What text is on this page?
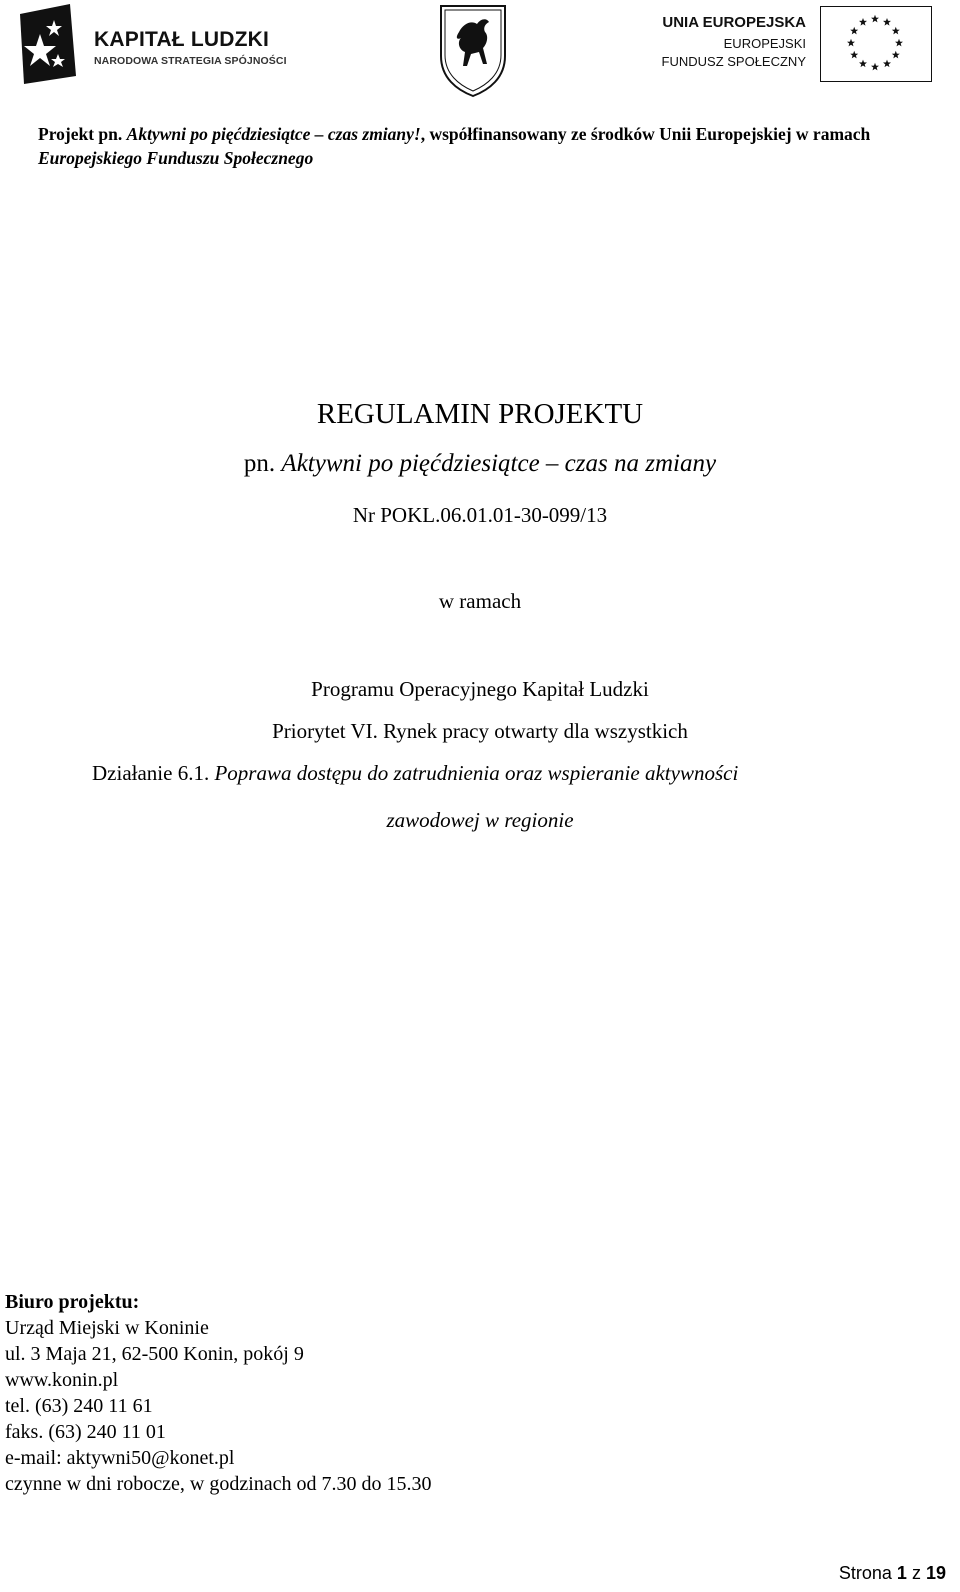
KAPITAŁ LUDZKI
NARODOWA STRATEGIA SPÓJNOŚCI
UNIA EUROPEJSKA
EUROPEJSKI
FUNDUSZ SPOŁECZNY
Projekt pn. Aktywni po pięćdziesiątce – czas zmiany!, współfinansowany ze środków Unii Europejskiej w ramach
Europejskiego Funduszu Społecznego
REGULAMIN PROJEKTU
pn. Aktywni po pięćdziesiątce – czas na zmiany
Nr POKL.06.01.01-30-099/13
w ramach
Programu Operacyjnego Kapitał Ludzki
Priorytet VI. Rynek pracy otwarty dla wszystkich
Działanie 6.1. Poprawa dostępu do zatrudnienia oraz wspieranie aktywności
zawodowej w regionie
Biuro projektu:
Urząd Miejski w Koninie
ul. 3 Maja 21, 62-500 Konin, pokój 9
www.konin.pl
tel. (63) 240 11 61
faks. (63) 240 11 01
e-mail: aktywni50@konet.pl
czynne w dni robocze, w godzinach od 7.30 do 15.30
Strona 1 z 19
